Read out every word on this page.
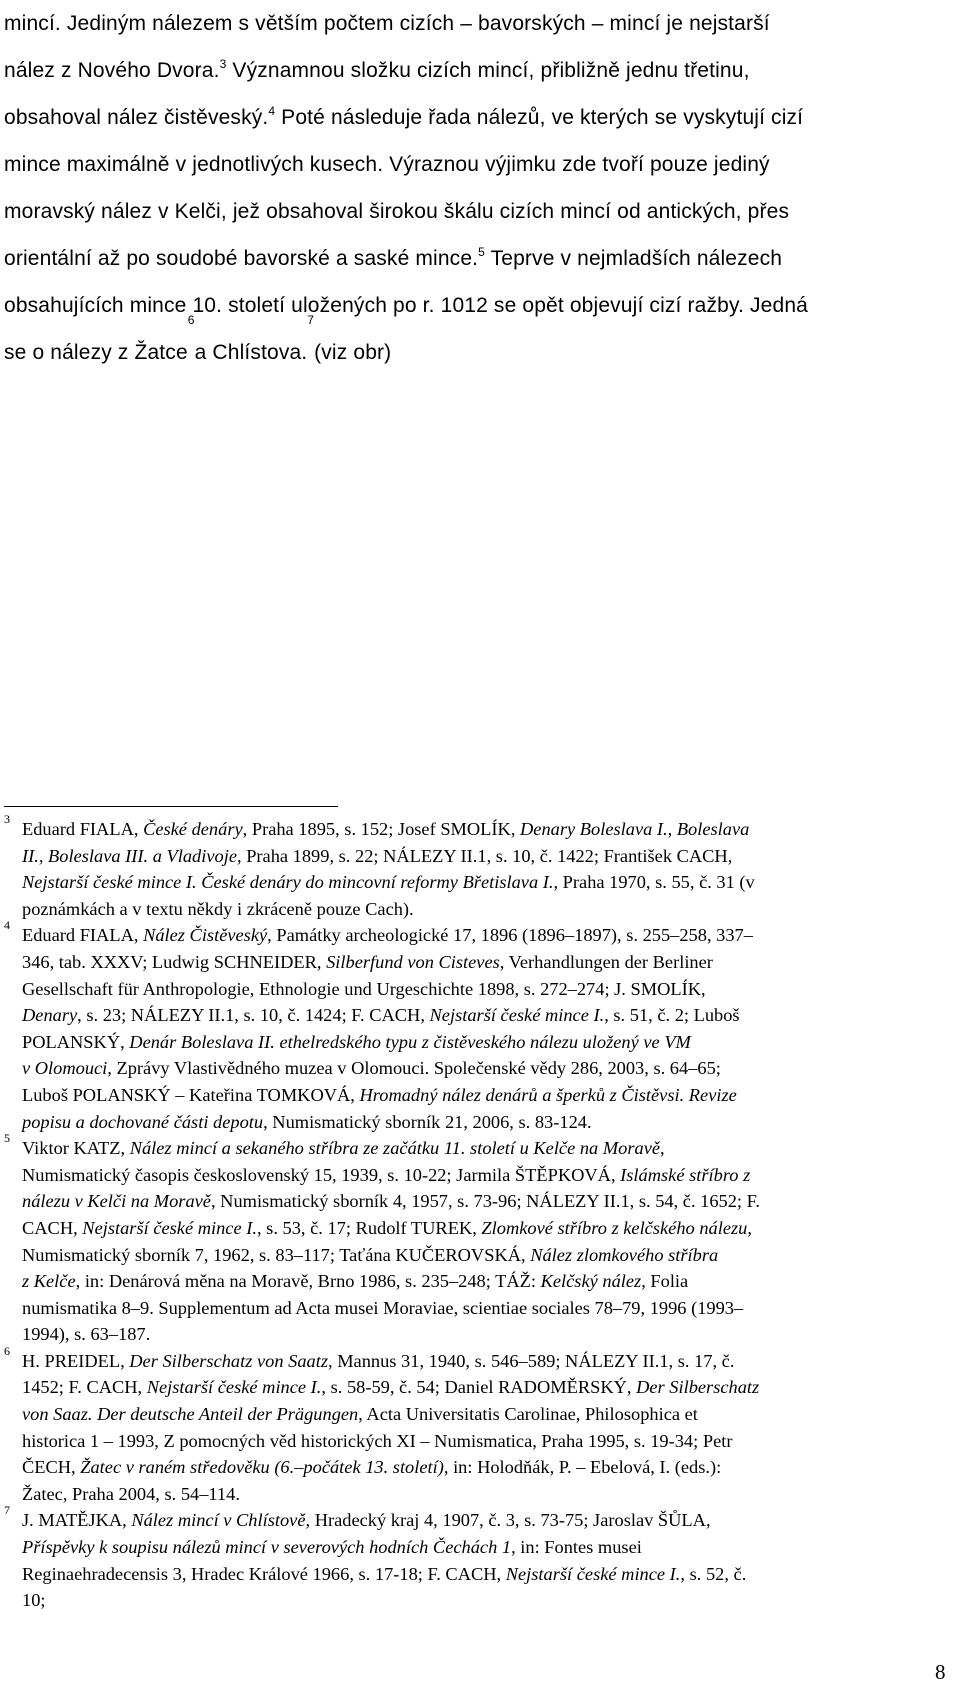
mincí. Jediným nálezem s větším počtem cizích – bavorských – mincí je nejstarší
nález z Nového Dvora.$^3$ Významnou složku cizích mincí, přibližně jednu třetinu,
obsahoval nález čistěveský.$^4$ Poté následuje řada nálezů, ve kterých se vyskytují cizí
mince maximálně v jednotlivých kusech. Výraznou výjimku zde tvoří pouze jediný
moravský nález v Kelči, jež obsahoval širokou škálu cizích mincí od antických, přes
orientální až po soudobé bavorské a saské mince.$^5$ Teprve v nejmladších nálezech
obsahujících mince 10. století uložených po r. 1012 se opět objevují cizí ražby. Jedná
se o nálezy z Žatce
$^6$
a Chlístova.
$^7$
(viz obr)
3 Eduard FIALA, České denáry, Praha 1895, s. 152; Josef SMOLÍK, Denary Boleslava I., Boleslava
II., Boleslava III. a Vladivoje, Praha 1899, s. 22; NÁLEZY II.1, s. 10, č. 1422; František CACH,
Nejstarší české mince I. České denáry do mincovní reformy Břetislava I., Praha 1970, s. 55, č. 31 (v
poznámkách a v textu někdy i zkráceně pouze Cach).
4 Eduard FIALA, Nález Čistěveský, Památky archeologické 17, 1896 (1896–1897), s. 255–258, 337–
346, tab. XXXV; Ludwig SCHNEIDER, Silberfund von Cisteves, Verhandlungen der Berliner
Gesellschaft für Anthropologie, Ethnologie und Urgeschichte 1898, s. 272–274; J. SMOLÍK,
Denary, s. 23; NÁLEZY II.1, s. 10, č. 1424; F. CACH, Nejstarší české mince I., s. 51, č. 2; Luboš
POLANSKÝ, Denár Boleslava II. ethelredského typu z čistěveského nálezu uložený ve VM
v Olomouci, Zprávy Vlastivědného muzea v Olomouci. Společenské vědy 286, 2003, s. 64–65;
Luboš POLANSKÝ – Kateřina TOMKOVÁ, Hromadný nález denárů a šperků z Čistěvsi. Revize
popisu a dochované části depotu, Numismatický sborník 21, 2006, s. 83-124.
5 Viktor KATZ, Nález mincí a sekaného stříbra ze začátku 11. století u Kelče na Moravě,
Numismatický časopis československý 15, 1939, s. 10-22; Jarmila ŠTĚPKOVÁ, Islámské stříbro z
nálezu v Kelči na Moravě, Numismatický sborník 4, 1957, s. 73-96; NÁLEZY II.1, s. 54, č. 1652; F.
CACH, Nejstarší české mince I., s. 53, č. 17; Rudolf TUREK, Zlomkové stříbro z kelčského nálezu,
Numismatický sborník 7, 1962, s. 83–117; Taťána KUČEROVSKÁ, Nález zlomkového stříbra
z Kelče, in: Denárová měna na Moravě, Brno 1986, s. 235–248; TÁŽ: Kelčský nález, Folia
numismatika 8–9. Supplementum ad Acta musei Moraviae, scientiae sociales 78–79, 1996 (1993–
1994), s. 63–187.
6 H. PREIDEL, Der Silberschatz von Saatz, Mannus 31, 1940, s. 546–589; NÁLEZY II.1, s. 17, č.
1452; F. CACH, Nejstarší české mince I., s. 58-59, č. 54; Daniel RADOMĚRSKÝ, Der Silberschatz
von Saaz. Der deutsche Anteil der Prägungen, Acta Universitatis Carolinae, Philosophica et
historica 1 – 1993, Z pomocných věd historických XI – Numismatica, Praha 1995, s. 19-34; Petr
ČECH, Žatec v raném středověku (6.–počátek 13. století), in: Holodňák, P. – Ebelová, I. (eds.):
Žatec, Praha 2004, s. 54–114.
7 J. MATĚJKA, Nález mincí v Chlístově, Hradecký kraj 4, 1907, č. 3, s. 73-75; Jaroslav ŠŮLA,
Příspěvky k soupisu nálezů mincí v severových hodních Čechách 1, in: Fontes musei
Reginaehradecensis 3, Hradec Králové 1966, s. 17-18; F. CACH, Nejstarší české mince I., s. 52, č.
10;
8
